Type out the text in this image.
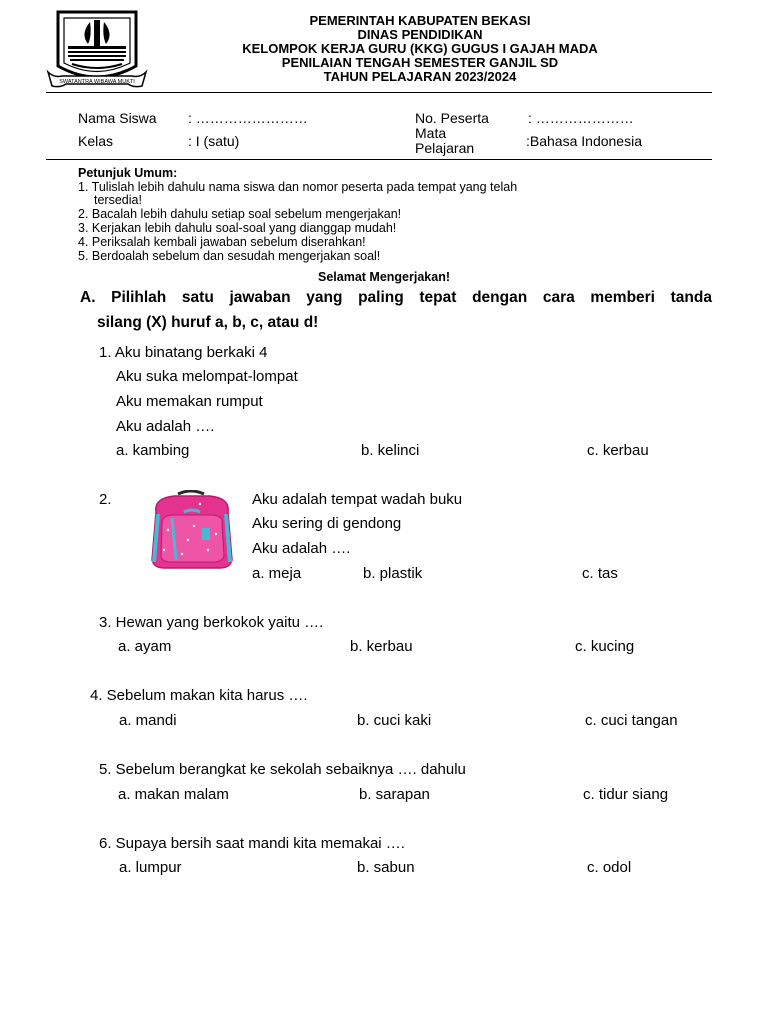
SWATANTRA WIBAWA MUKTI
PEMERINTAH KABUPATEN BEKASI
DINAS PENDIDIKAN
KELOMPOK KERJA GURU (KKG) GUGUS I GAJAH MADA
PENILAIAN TENGAH SEMESTER GANJIL SD
TAHUN PELAJARAN 2023/2024
Nama Siswa : ……………………	No. Peserta	: …………………
Kelas	: I (satu)	Mata
Pelajaran	:Bahasa Indonesia
Petunjuk Umum:
1. Tulislah lebih dahulu nama siswa dan nomor peserta pada tempat yang telah
tersedia!
2. Bacalah lebih dahulu setiap soal sebelum mengerjakan!
3. Kerjakan lebih dahulu soal-soal yang dianggap mudah!
4. Periksalah kembali jawaban sebelum diserahkan!
5. Berdoalah sebelum dan sesudah mengerjakan soal!
Selamat Mengerjakan!
A. Pilihlah satu jawaban yang paling tepat dengan cara memberi tanda
silang (X) huruf a, b, c, atau d!
1. Aku binatang berkaki 4
Aku suka melompat-lompat
Aku memakan rumput
Aku adalah ….
a. kambing	b. kelinci	c. kerbau
2.	Aku adalah tempat wadah buku
Aku sering di gendong
Aku adalah ….
a. meja	b. plastik	c. tas
3. Hewan yang berkokok yaitu ….
a. ayam	b. kerbau	c. kucing
4. Sebelum makan kita harus ….
a. mandi	b. cuci kaki	c. cuci tangan
5. Sebelum berangkat ke sekolah sebaiknya …. dahulu
a. makan malam	b. sarapan	c. tidur siang
6. Supaya bersih saat mandi kita memakai ….
a. lumpur	b. sabun	c. odol
